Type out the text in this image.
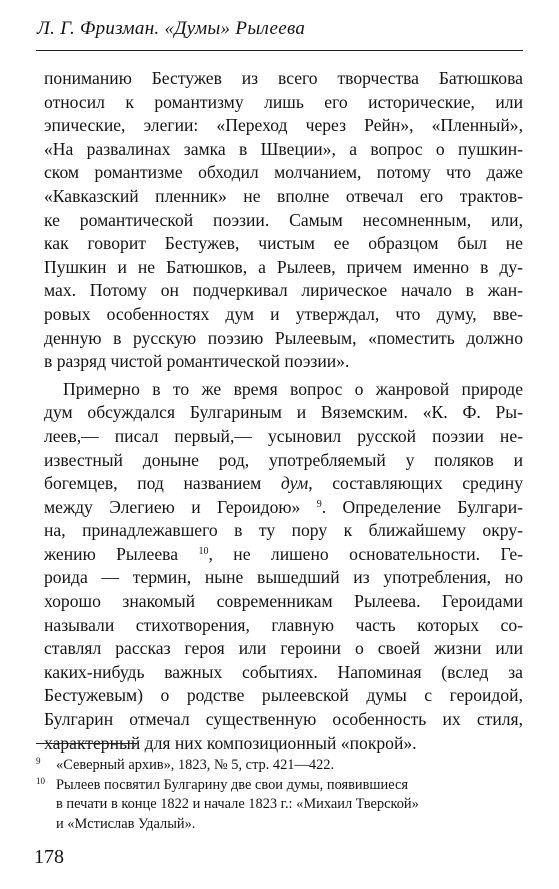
Л. Г. Фризман. «Думы» Рылеева
пониманию Бестужев из всего творчества Батюшкова
относил к романтизму лишь его исторические, или
эпические, элегии: «Переход через Рейн», «Пленный»,
«На развалинах замка в Швеции», а вопрос о пушкин-
ском романтизме обходил молчанием, потому что даже
«Кавказский пленник» не вполне отвечал его трактов-
ке романтической поэзии. Самым несомненным, или,
как говорит Бестужев, чистым ее образцом был не
Пушкин и не Батюшков, а Рылеев, причем именно в ду-
мах. Потому он подчеркивал лирическое начало в жан-
ровых особенностях дум и утверждал, что думу, вве-
денную в русскую поэзию Рылеевым, «поместить должно
в разряд чистой романтической поэзии».
Примерно в то же время вопрос о жанровой природе
дум обсуждался Булгариным и Вяземским. «К. Ф. Ры-
леев,— писал первый,— усыновил русской поэзии не-
известный доныне род, употребляемый у поляков и
богемцев, под названием дум, составляющих средину
между Элегиею и Героидою» $^9$. Определение Булгари-
на, принадлежавшего в ту пору к ближайшему окру-
жению Рылеева $^{10}$, не лишено основательности. Ге-
роида — термин, ныне вышедший из употребления, но
хорошо знакомый современникам Рылеева. Героидами
называли стихотворения, главную часть которых со-
ставлял рассказ героя или героини о своей жизни или
каких-нибудь важных событиях. Напоминая (вслед за
Бестужевым) о родстве рылеевской думы с героидой,
Булгарин отмечал существенную особенность их стиля,
характерный для них композиционный «покрой».
9 «Северный архив», 1823, № 5, стр. 421—422.
10 Рылеев посвятил Булгарину две свои думы, появившиеся
в печати в конце 1822 и начале 1823 г.: «Михаил Тверской»
и «Мстислав Удалый».
178
